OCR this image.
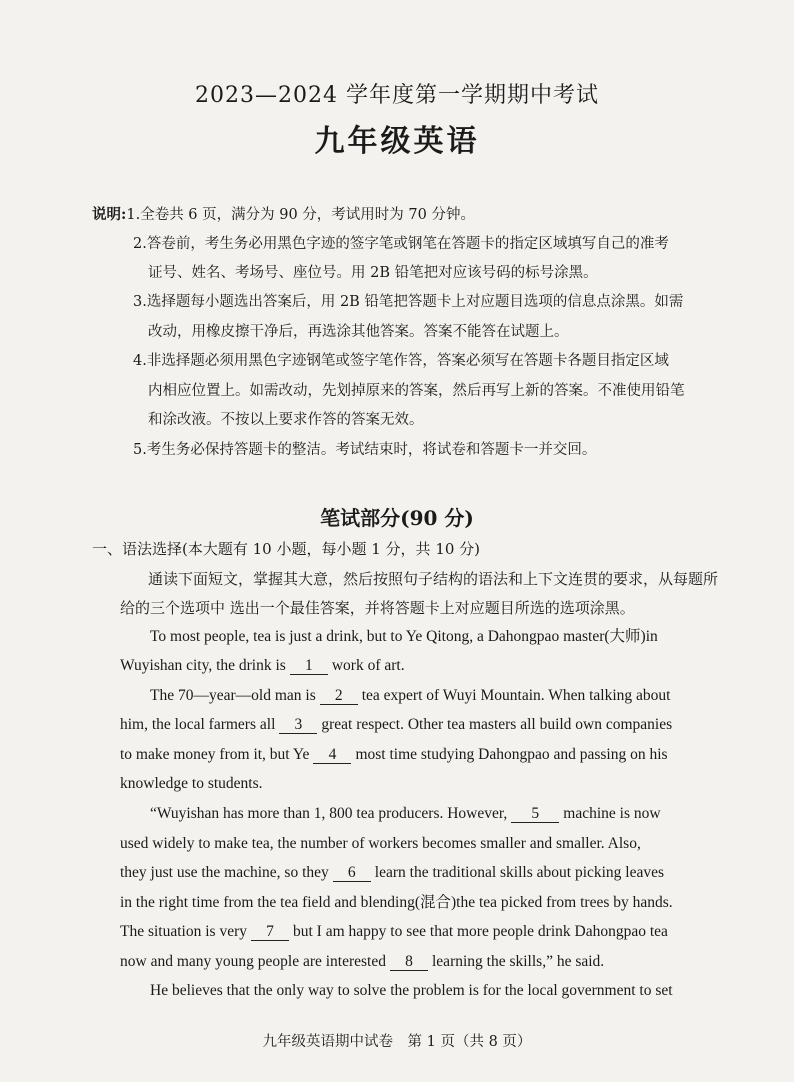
2023—2024 学年度第一学期期中考试
九年级英语
说明:1.全卷共 6 页，满分为 90 分，考试用时为 70 分钟。
2.答卷前，考生务必用黑色字迹的签字笔或钢笔在答题卡的指定区域填写自己的准考
证号、姓名、考场号、座位号。用 2B 铅笔把对应该号码的标号涂黑。
3.选择题每小题选出答案后，用 2B 铅笔把答题卡上对应题目选项的信息点涂黑。如需
改动，用橡皮擦干净后，再选涂其他答案。答案不能答在试题上。
4.非选择题必须用黑色字迹钢笔或签字笔作答，答案必须写在答题卡各题目指定区域
内相应位置上。如需改动，先划掉原来的答案，然后再写上新的答案。不准使用铅笔
和涂改液。不按以上要求作答的答案无效。
5.考生务必保持答题卡的整洁。考试结束时，将试卷和答题卡一并交回。
笔试部分(90 分)
一、语法选择(本大题有 10 小题，每小题 1 分，共 10 分)
通读下面短文，掌握其大意，然后按照句子结构的语法和上下文连贯的要求，从每题所
给的三个选项中 选出一个最佳答案，并将答题卡上对应题目所选的选项涂黑。
To most people, tea is just a drink, but to Ye Qitong, a Dahongpao master(大师)in
Wuyishan city, the drink is 1 work of art.
The 70—year—old man is 2 tea expert of Wuyi Mountain. When talking about
him, the local farmers all 3 great respect. Other tea masters all build own companies
to make money from it, but Ye 4 most time studying Dahongpao and passing on his
knowledge to students.
“Wuyishan has more than 1, 800 tea producers. However, 5 machine is now
used widely to make tea, the number of workers becomes smaller and smaller. Also,
they just use the machine, so they 6 learn the traditional skills about picking leaves
in the right time from the tea field and blending(混合)the tea picked from trees by hands.
The situation is very 7 but I am happy to see that more people drink Dahongpao tea
now and many young people are interested 8 learning the skills,” he said.
He believes that the only way to solve the problem is for the local government to set
九年级英语期中试卷　第 1 页（共 8 页）
